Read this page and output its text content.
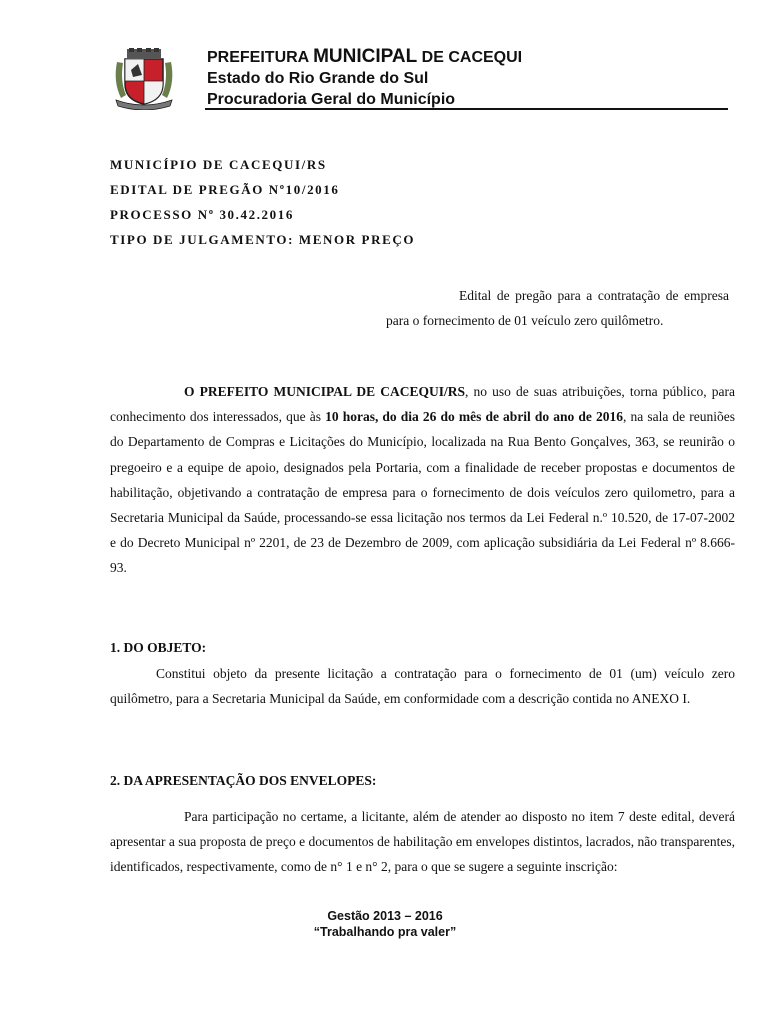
PREFEITURA MUNICIPAL DE CACEQUI
Estado do Rio Grande do Sul
Procuradoria Geral do Município

MUNICÍPIO DE CACEQUI/RS

EDITAL DE PREGÃO Nº10/2016

PROCESSO Nº 30.42.2016

TIPO DE JULGAMENTO: MENOR PREÇO

Edital de pregão para a contratação de empresa para o fornecimento de 01 veículo zero quilômetro.

O PREFEITO MUNICIPAL DE CACEQUI/RS, no uso de suas atribuições, torna público, para conhecimento dos interessados, que às 10 horas, do dia 26 do mês de abril do ano de 2016, na sala de reuniões do Departamento de Compras e Licitações do Município, localizada na Rua Bento Gonçalves, 363, se reunirão o pregoeiro e a equipe de apoio, designados pela Portaria, com a finalidade de receber propostas e documentos de habilitação, objetivando a contratação de empresa para o fornecimento de dois veículos zero quilometro, para a Secretaria Municipal da Saúde, processando-se essa licitação nos termos da Lei Federal n.º 10.520, de 17-07-2002 e do Decreto Municipal nº 2201, de 23 de Dezembro de 2009, com aplicação subsidiária da Lei Federal nº 8.666-93.

1. DO OBJETO:

Constitui objeto da presente licitação a contratação para o fornecimento de 01 (um) veículo zero quilômetro, para a Secretaria Municipal da Saúde, em conformidade com a descrição contida no ANEXO I.

2. DA APRESENTAÇÃO DOS ENVELOPES:

Para participação no certame, a licitante, além de atender ao disposto no item 7 deste edital, deverá apresentar a sua proposta de preço e documentos de habilitação em envelopes distintos, lacrados, não transparentes, identificados, respectivamente, como de n° 1 e n° 2, para o que se sugere a seguinte inscrição:

Gestão 2013 – 2016
“Trabalhando pra valer”
